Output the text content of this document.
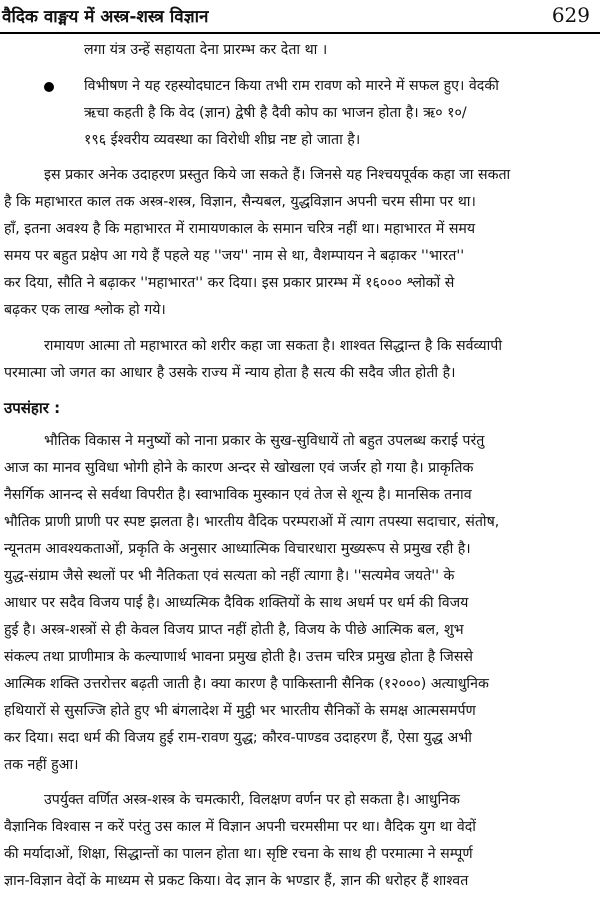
वैदिक वाङ्मय में अस्त्र-शस्त्र विज्ञान	629
लगा यंत्र उन्हें सहायता देना प्रारम्भ कर देता था ।
विभीषण ने यह रहस्योदघाटन किया तभी राम रावण को मारने में सफल हुए। वेदकी
ऋचा कहती है कि वेद (ज्ञान) द्वेषी है दैवी कोप का भाजन होता है। ऋ० १०/
१९६ ईश्वरीय व्यवस्था का विरोधी शीघ्र नष्ट हो जाता है।
इस प्रकार अनेक उदाहरण प्रस्तुत किये जा सकते हैं। जिनसे यह निश्चयपूर्वक कहा जा सकता
है कि महाभारत काल तक अस्त्र-शस्त्र, विज्ञान, सैन्यबल, युद्धविज्ञान अपनी चरम सीमा पर था।
हाँ, इतना अवश्य है कि महाभारत में रामायणकाल के समान चरित्र नहीं था। महाभारत में समय
समय पर बहुत प्रक्षेप आ गये हैं पहले यह ''जय'' नाम से था, वैशम्पायन ने बढ़ाकर ''भारत''
कर दिया, सौति ने बढ़ाकर ''महाभारत'' कर दिया। इस प्रकार प्रारम्भ में १६००० श्लोकों से
बढ़कर एक लाख श्लोक हो गये।
रामायण आत्मा तो महाभारत को शरीर कहा जा सकता है। शाश्वत सिद्धान्त है कि सर्वव्यापी
परमात्मा जो जगत का आधार है उसके राज्य में न्याय होता है सत्य की सदैव जीत होती है।
उपसंहार :
भौतिक विकास ने मनुष्यों को नाना प्रकार के सुख-सुविधायें तो बहुत उपलब्ध कराई परंतु
आज का मानव सुविधा भोगी होने के कारण अन्दर से खोखला एवं जर्जर हो गया है। प्राकृतिक
नैसर्गिक आनन्द से सर्वथा विपरीत है। स्वाभाविक मुस्कान एवं तेज से शून्य है। मानसिक तनाव
भौतिक प्राणी प्राणी पर स्पष्ट झलता है। भारतीय वैदिक परम्पराओं में त्याग तपस्या सदाचार, संतोष,
न्यूनतम आवश्यकताओं, प्रकृति के अनुसार आध्यात्मिक विचारधारा मुख्यरूप से प्रमुख रही है।
युद्ध-संग्राम जैसे स्थलों पर भी नैतिकता एवं सत्यता को नहीं त्यागा है। ''सत्यमेव जयते'' के
आधार पर सदैव विजय पाई है। आध्यत्मिक दैविक शक्तियों के साथ अधर्म पर धर्म की विजय
हुई है। अस्त्र-शस्त्रों से ही केवल विजय प्राप्त नहीं होती है, विजय के पीछे आत्मिक बल, शुभ
संकल्प तथा प्राणीमात्र के कल्याणार्थ भावना प्रमुख होती है। उत्तम चरित्र प्रमुख होता है जिससे
आत्मिक शक्ति उत्तरोत्तर बढ़ती जाती है। क्या कारण है पाकिस्तानी सैनिक (१२०००) अत्याधुनिक
हथियारों से सुसज्जि होते हुए भी बंगलादेश में मुट्ठी भर भारतीय सैनिकों के समक्ष आत्मसमर्पण
कर दिया। सदा धर्म की विजय हुई राम-रावण युद्ध; कौरव-पाण्डव उदाहरण हैं, ऐसा युद्ध अभी
तक नहीं हुआ।
उपर्युक्त वर्णित अस्त्र-शस्त्र के चमत्कारी, विलक्षण वर्णन पर हो सकता है। आधुनिक
वैज्ञानिक विश्वास न करें परंतु उस काल में विज्ञान अपनी चरमसीमा पर था। वैदिक युग था वेदों
की मर्यादाओं, शिक्षा, सिद्धान्तों का पालन होता था। सृष्टि रचना के साथ ही परमात्मा ने सम्पूर्ण
ज्ञान-विज्ञान वेदों के माध्यम से प्रकट किया। वेद ज्ञान के भण्डार हैं, ज्ञान की धरोहर हैं शाश्वत
